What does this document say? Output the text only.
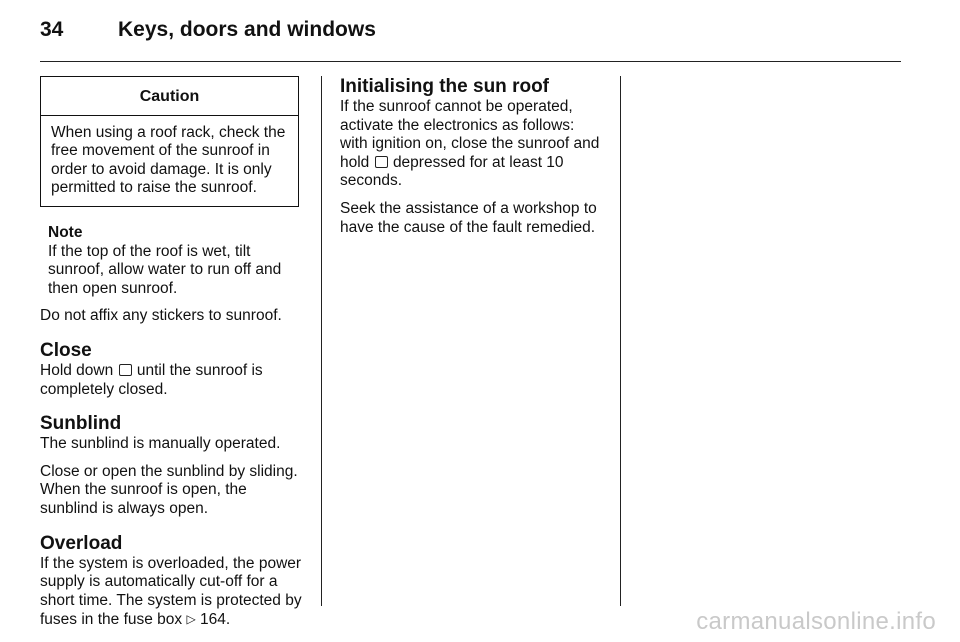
34	Keys, doors and windows
Caution
When using a roof rack, check the free movement of the sunroof in order to avoid damage. It is only permitted to raise the sunroof.
Note
If the top of the roof is wet, tilt sunroof, allow water to run off and then open sunroof.

Do not affix any stickers to sunroof.

Close

Hold down until the sunroof is completely closed.

Sunblind

The sunblind is manually operated.

Close or open the sunblind by sliding. When the sunroof is open, the sunblind is always open.

Overload

If the system is overloaded, the power supply is automatically cut-off for a short time. The system is protected by fuses in the fuse box ▷ 164.

Initialising the sun roof

If the sunroof cannot be operated, activate the electronics as follows: with ignition on, close the sunroof and hold depressed for at least 10 seconds.

Seek the assistance of a workshop to have the cause of the fault remedied.

carmanualsonline.info
